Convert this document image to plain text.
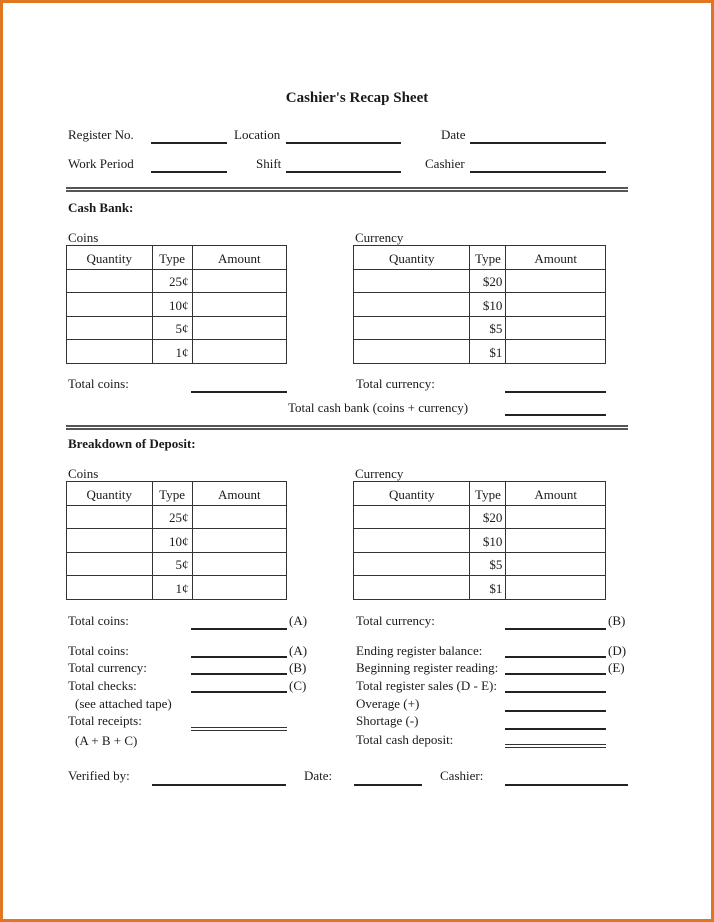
Cashier's Recap Sheet
Register No.	Location	Date
Work Period	Shift	Cashier
Cash Bank:
Coins	Currency
Quantity	Type	Amount
	25¢	
	10¢	
	5¢	
	1¢	
Quantity	Type	Amount
	$20	
	$10	
	$5	
	$1	
Total coins:	Total currency:
Total cash bank (coins + currency)
Breakdown of Deposit:
Coins	Currency
Quantity	Type	Amount
	25¢	
	10¢	
	5¢	
	1¢	
Quantity	Type	Amount
	$20	
	$10	
	$5	
	$1	
Total coins:	(A)	Total currency:	(B)
Total coins:	(A)
Total currency:	(B)
Total checks:	(C)
(see attached tape)
Total receipts:
(A + B + C)
Ending register balance:	(D)
Beginning register reading:	(E)
Total register sales (D - E):
Overage (+)
Shortage (-)
Total cash deposit:
Verified by:	Date:	Cashier:
